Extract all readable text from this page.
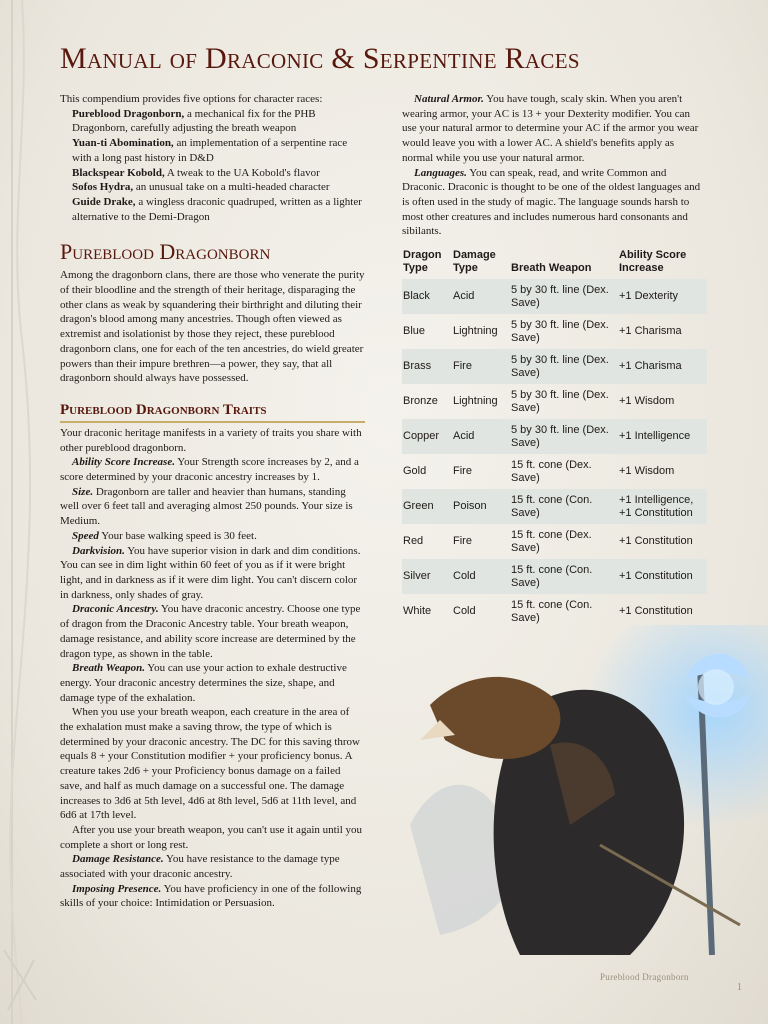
Manual of Draconic & Serpentine Races

This compendium provides five options for character races:

Pureblood Dragonborn, a mechanical fix for the PHB Dragonborn, carefully adjusting the breath weapon

Yuan-ti Abomination, an implementation of a serpentine race with a long past history in D&D

Blackspear Kobold, A tweak to the UA Kobold's flavor

Sofos Hydra, an unusual take on a multi-headed character

Guide Drake, a wingless draconic quadruped, written as a lighter alternative to the Demi-Dragon

Pureblood Dragonborn

Among the dragonborn clans, there are those who venerate the purity of their bloodline and the strength of their heritage, disparaging the other clans as weak by squandering their birthright and diluting their dragon's blood among many ancestries. Though often viewed as extremist and isolationist by those they reject, these pureblood dragonborn clans, one for each of the ten ancestries, do wield greater powers than their impure brethren—a power, they say, that all dragonborn should always have possessed.

Pureblood Dragonborn Traits

Your draconic heritage manifests in a variety of traits you share with other pureblood dragonborn.

Ability Score Increase. Your Strength score increases by 2, and a score determined by your draconic ancestry increases by 1.

Size. Dragonborn are taller and heavier than humans, standing well over 6 feet tall and averaging almost 250 pounds. Your size is Medium.

Speed Your base walking speed is 30 feet.

Darkvision. You have superior vision in dark and dim conditions. You can see in dim light within 60 feet of you as if it were bright light, and in darkness as if it were dim light. You can't discern color in darkness, only shades of gray.

Draconic Ancestry. You have draconic ancestry. Choose one type of dragon from the Draconic Ancestry table. Your breath weapon, damage resistance, and ability score increase are determined by the dragon type, as shown in the table.

Breath Weapon. You can use your action to exhale destructive energy. Your draconic ancestry determines the size, shape, and damage type of the exhalation.

When you use your breath weapon, each creature in the area of the exhalation must make a saving throw, the type of which is determined by your draconic ancestry. The DC for this saving throw equals 8 + your Constitution modifier + your proficiency bonus. A creature takes 2d6 + your Proficiency bonus damage on a failed save, and half as much damage on a successful one. The damage increases to 3d6 at 5th level, 4d6 at 8th level, 5d6 at 11th level, and 6d6 at 17th level.

After you use your breath weapon, you can't use it again until you complete a short or long rest.

Damage Resistance. You have resistance to the damage type associated with your draconic ancestry.

Imposing Presence. You have proficiency in one of the following skills of your choice: Intimidation or Persuasion.

Natural Armor. You have tough, scaly skin. When you aren't wearing armor, your AC is 13 + your Dexterity modifier. You can use your natural armor to determine your AC if the armor you wear would leave you with a lower AC. A shield's benefits apply as normal while you use your natural armor.

Languages. You can speak, read, and write Common and Draconic. Draconic is thought to be one of the oldest languages and is often used in the study of magic. The language sounds harsh to most other creatures and includes numerous hard consonants and sibilants.

Dragon Type	Damage Type	Breath Weapon	Ability Score Increase
Black	Acid	5 by 30 ft. line (Dex. Save)	+1 Dexterity
Blue	Lightning	5 by 30 ft. line (Dex. Save)	+1 Charisma
Brass	Fire	5 by 30 ft. line (Dex. Save)	+1 Charisma
Bronze	Lightning	5 by 30 ft. line (Dex. Save)	+1 Wisdom
Copper	Acid	5 by 30 ft. line (Dex. Save)	+1 Intelligence
Gold	Fire	15 ft. cone (Dex. Save)	+1 Wisdom
Green	Poison	15 ft. cone (Con. Save)	+1 Intelligence, +1 Constitution
Red	Fire	15 ft. cone (Dex. Save)	+1 Constitution
Silver	Cold	15 ft. cone (Con. Save)	+1 Constitution
White	Cold	15 ft. cone (Con. Save)	+1 Constitution
Pureblood Dragonborn
1
